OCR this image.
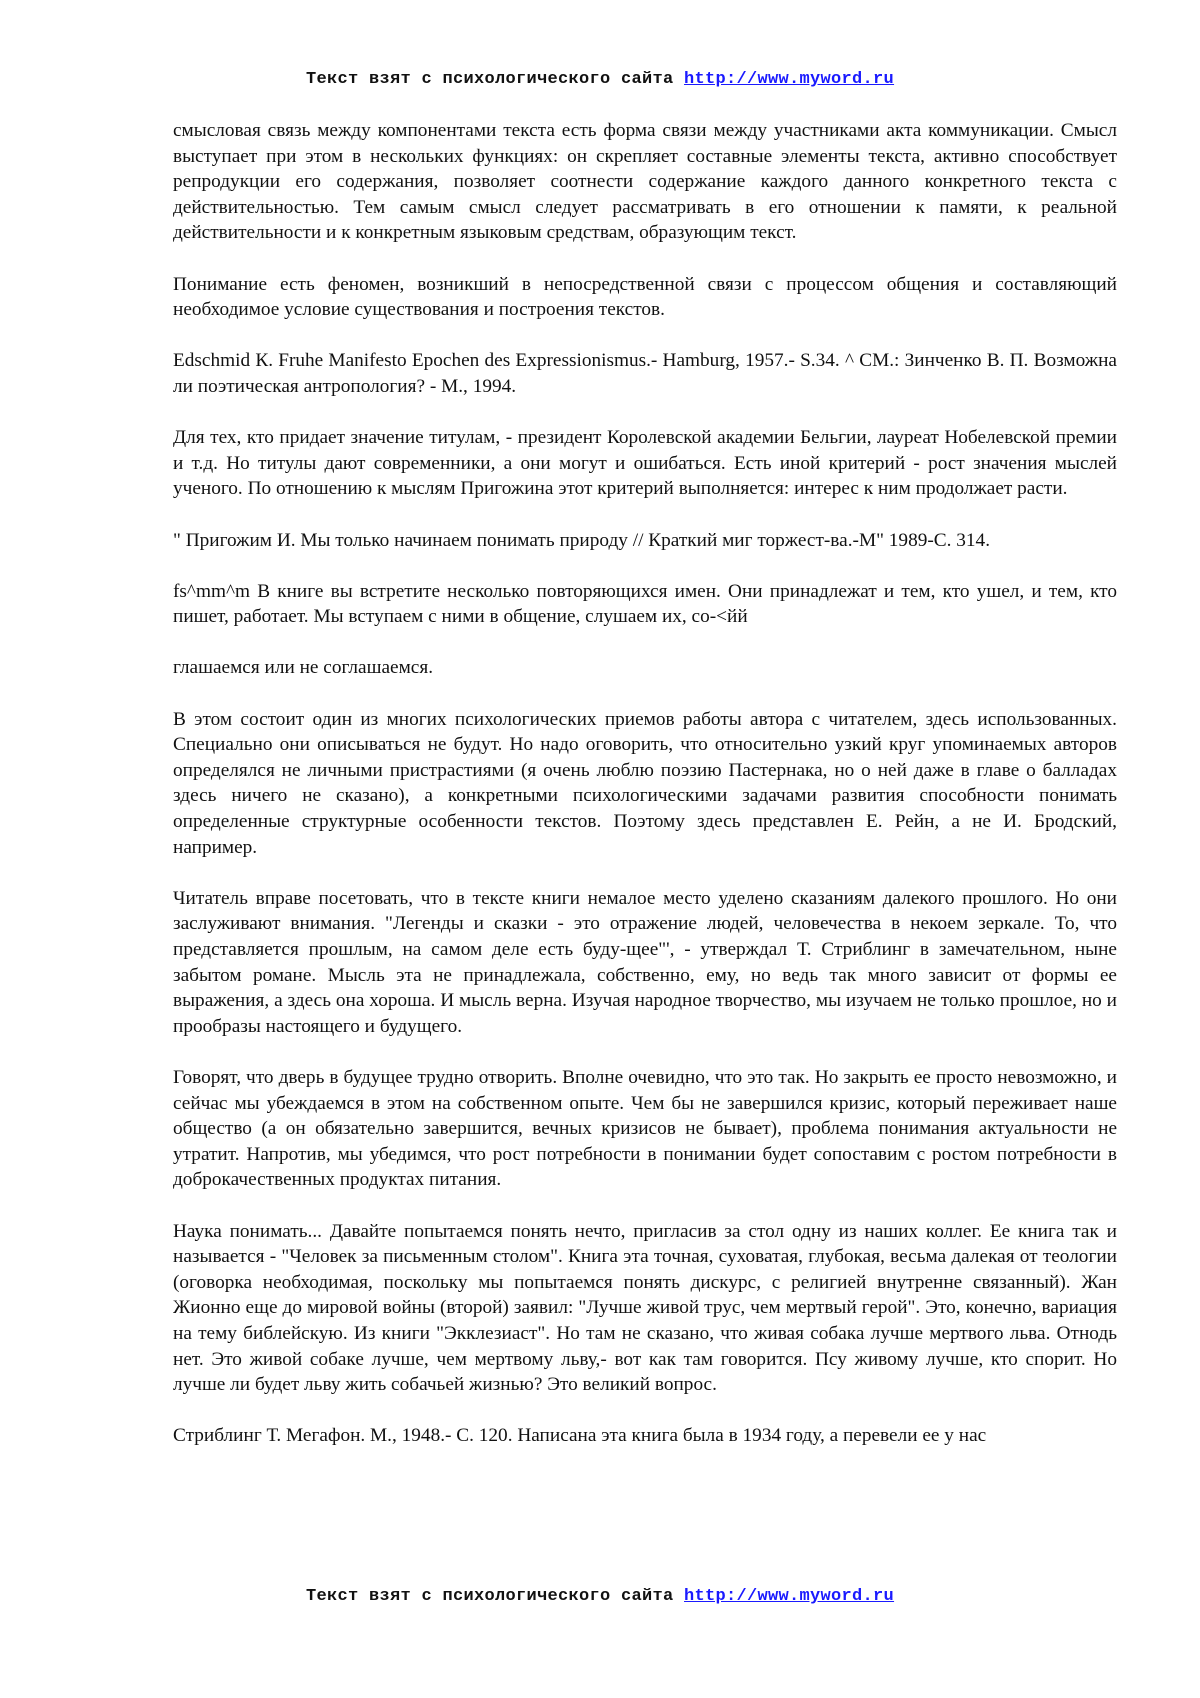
Текст взят с психологического сайта http://www.myword.ru

смысловая связь между компонентами текста есть форма связи между участниками акта коммуникации. Смысл выступает при этом в нескольких функциях: он скрепляет составные элементы текста, активно способствует репродукции его содержания, позволяет соотнести содержание каждого данного конкретного текста с действительностью. Тем самым смысл следует рассматривать в его отношении к памяти, к реальной действительности и к конкретным языковым средствам, образующим текст.

Понимание есть феномен, возникший в непосредственной связи с процессом общения и составляющий необходимое условие существования и построения текстов.

Edschmid К. Fruhe Manifesto Epochen des Expressionismus.- Hamburg, 1957.- S.34. ^ СМ.: Зинченко В. П. Возможна ли поэтическая антропология? - М., 1994.

Для тех, кто придает значение титулам, - президент Королевской академии Бельгии, лауреат Нобелевской премии и т.д. Но титулы дают современники, а они могут и ошибаться. Есть иной критерий - рост значения мыслей ученого. По отношению к мыслям Пригожина этот критерий выполняется: интерес к ним продолжает расти.

" Пригожим И. Мы только начинаем понимать природу // Краткий миг торжест-ва.-М" 1989-С. 314.

fs^mm^m В книге вы встретите несколько повторяющихся имен. Они принадлежат и тем, кто ушел, и тем, кто пишет, работает. Мы вступаем с ними в общение, слушаем их, со-<йй

глашаемся или не соглашаемся.

В этом состоит один из многих психологических приемов работы автора с читателем, здесь использованных. Специально они описываться не будут. Но надо оговорить, что относительно узкий круг упоминаемых авторов определялся не личными пристрастиями (я очень люблю поэзию Пастернака, но о ней даже в главе о балладах здесь ничего не сказано), а конкретными психологическими задачами развития способности понимать определенные структурные особенности текстов. Поэтому здесь представлен Е. Рейн, а не И. Бродский, например.

Читатель вправе посетовать, что в тексте книги немалое место уделено сказаниям далекого прошлого. Но они заслуживают внимания. "Легенды и сказки - это отражение людей, человечества в некоем зеркале. То, что представляется прошлым, на самом деле есть буду-щее"', - утверждал Т. Стриблинг в замечательном, ныне забытом романе. Мысль эта не принадлежала, собственно, ему, но ведь так много зависит от формы ее выражения, а здесь она хороша. И мысль верна. Изучая народное творчество, мы изучаем не только прошлое, но и прообразы настоящего и будущего.

Говорят, что дверь в будущее трудно отворить. Вполне очевидно, что это так. Но закрыть ее просто невозможно, и сейчас мы убеждаемся в этом на собственном опыте. Чем бы не завершился кризис, который переживает наше общество (а он обязательно завершится, вечных кризисов не бывает), проблема понимания актуальности не утратит. Напротив, мы убедимся, что рост потребности в понимании будет сопоставим с ростом потребности в доброкачественных продуктах питания.

Наука понимать... Давайте попытаемся понять нечто, пригласив за стол одну из наших коллег. Ее книга так и называется - "Человек за письменным столом". Книга эта точная, суховатая, глубокая, весьма далекая от теологии (оговорка необходимая, поскольку мы попытаемся понять дискурс, с религией внутренне связанный). Жан Жионно еще до мировой войны (второй) заявил: "Лучше живой трус, чем мертвый герой". Это, конечно, вариация на тему библейскую. Из книги "Экклезиаст". Но там не сказано, что живая собака лучше мертвого льва. Отнодь нет. Это живой собаке лучше, чем мертвому льву,- вот как там говорится. Псу живому лучше, кто спорит. Но лучше ли будет льву жить собачьей жизнью? Это великий вопрос.

Стриблинг Т. Мегафон. М., 1948.- С. 120. Написана эта книга была в 1934 году, а перевели ее у нас

Текст взят с психологического сайта http://www.myword.ru
